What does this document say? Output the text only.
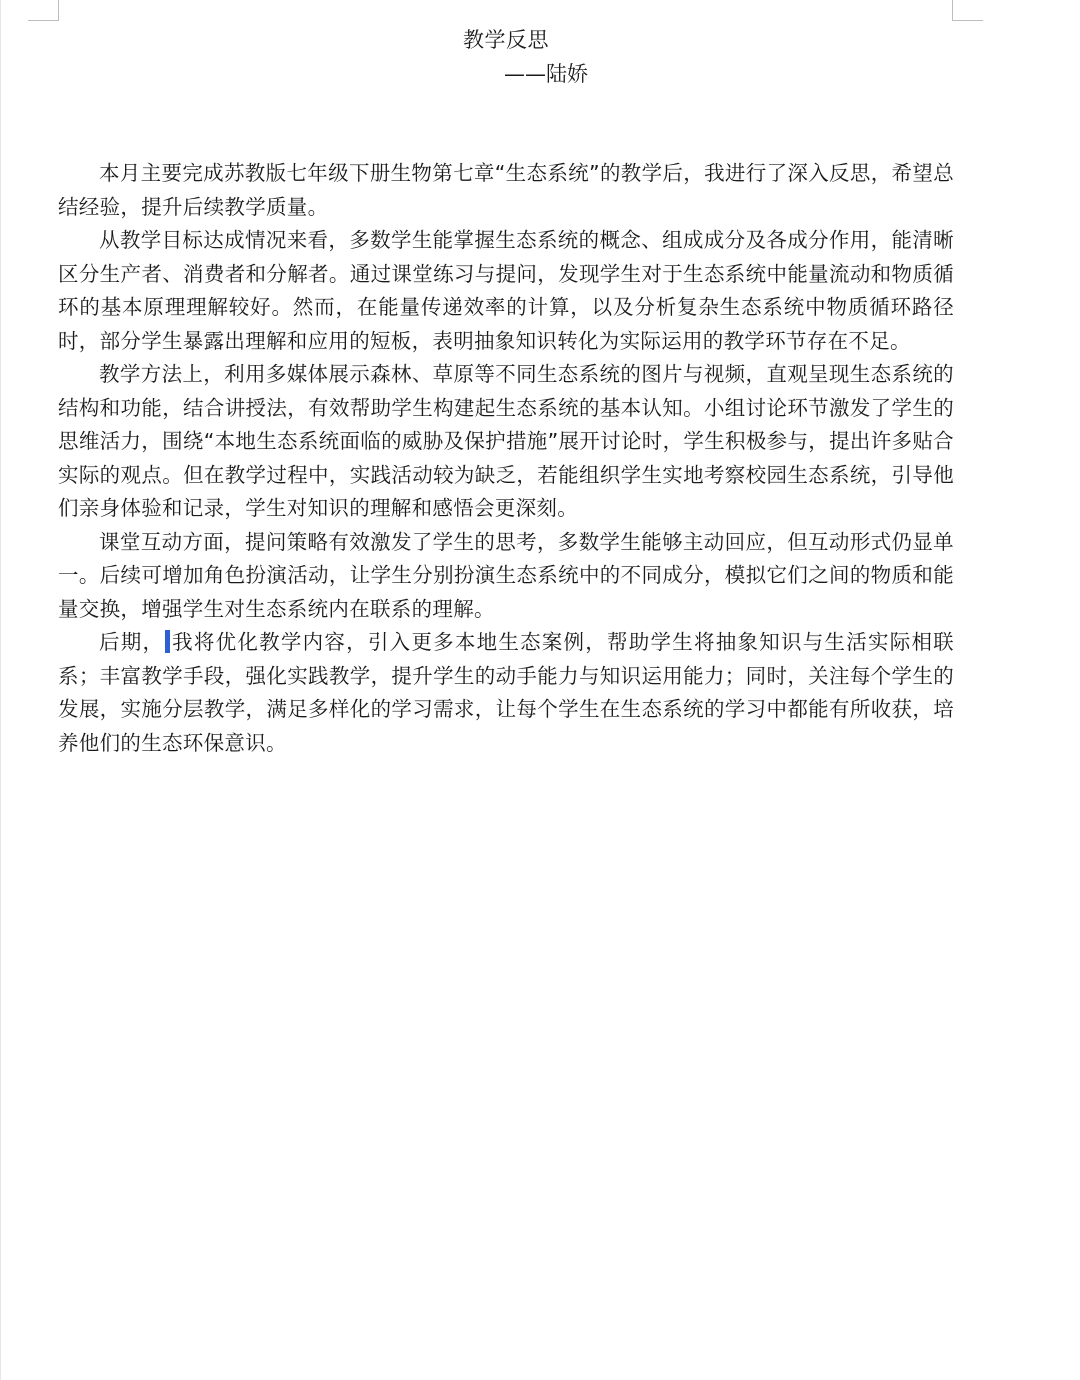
教学反思
——陆娇

本月主要完成苏教版七年级下册生物第七章“生态系统”的教学后，我进行了深入反思，希望总结经验，提升后续教学质量。

从教学目标达成情况来看，多数学生能掌握生态系统的概念、组成成分及各成分作用，能清晰区分生产者、消费者和分解者。通过课堂练习与提问，发现学生对于生态系统中能量流动和物质循环的基本原理理解较好。然而，在能量传递效率的计算，以及分析复杂生态系统中物质循环路径时，部分学生暴露出理解和应用的短板，表明抽象知识转化为实际运用的教学环节存在不足。

教学方法上，利用多媒体展示森林、草原等不同生态系统的图片与视频，直观呈现生态系统的结构和功能，结合讲授法，有效帮助学生构建起生态系统的基本认知。小组讨论环节激发了学生的思维活力，围绕“本地生态系统面临的威胁及保护措施”展开讨论时，学生积极参与，提出许多贴合实际的观点。但在教学过程中，实践活动较为缺乏，若能组织学生实地考察校园生态系统，引导他们亲身体验和记录，学生对知识的理解和感悟会更深刻。

课堂互动方面，提问策略有效激发了学生的思考，多数学生能够主动回应，但互动形式仍显单一。后续可增加角色扮演活动，让学生分别扮演生态系统中的不同成分，模拟它们之间的物质和能量交换，增强学生对生态系统内在联系的理解。

后期， 我将优化教学内容，引入更多本地生态案例，帮助学生将抽象知识与生活实际相联系；丰富教学手段，强化实践教学，提升学生的动手能力与知识运用能力；同时，关注每个学生的发展，实施分层教学，满足多样化的学习需求，让每个学生在生态系统的学习中都能有所收获，培养他们的生态环保意识。
